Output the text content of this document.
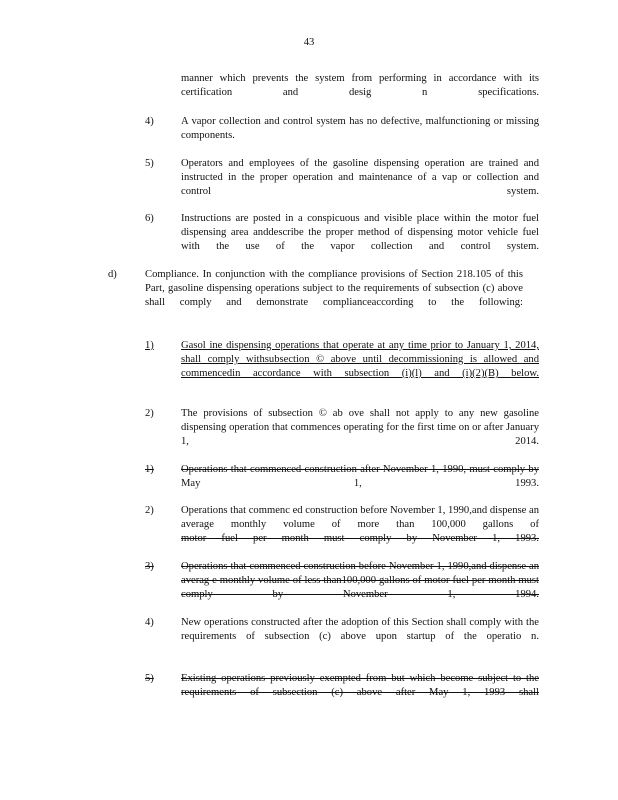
43
manner which prevents the system from performing in accordance with its certification and desig n specifications.
4)	A vapor collection and control system has no defective, malfunctioning or missing components.
5)	Operators and employees of the gasoline dispensing operation are trained and instructed in the proper operation and maintenance of a vap or collection and control system.
6)	Instructions are posted in a conspicuous and visible place within the motor fuel dispensing area anddescribe the proper method of dispensing motor vehicle fuel with the use of the vapor collection and control system.
d)	Compliance. In conjunction with the compliance provisions of Section 218.105 of this Part, gasoline dispensing operations subject to the requirements of subsection (c) above shall comply and demonstrate complianceaccording to the following:
1)	Gasol ine dispensing operations that operate at any time prior to January 1, 2014, shall comply withsubsection © above until decommissioning is allowed and commencedin accordance with subsection (i)(l) and (i)(2)(B) below.
2)	The provisions of subsection © ab ove shall not apply to any new gasoline dispensing operation that commences operating for the first time on or after January 1, 2014.
1)	Operations that commenced construction after November 1, 1990, must comply by May 1, 1993.
2)	Operations that commenc ed construction before November 1, 1990,and dispense an average monthly volume of more than 100,000 gallons of
motor fuel per month must comply by November 1, 1993.
3)	Operations that commenced construction before November 1, 1990,and dispense an averag e monthly volume of less than100,000 gallons of motor fuel per month must comply by November 1, 1994.
4)	New operations constructed after the adoption of this Section shall comply with the requirements of subsection (c) above upon startup of the operatio n.
5)	Existing operations previously exempted from but which become subject to the requirements of subsection (c) above after May 1, 1993 shall
